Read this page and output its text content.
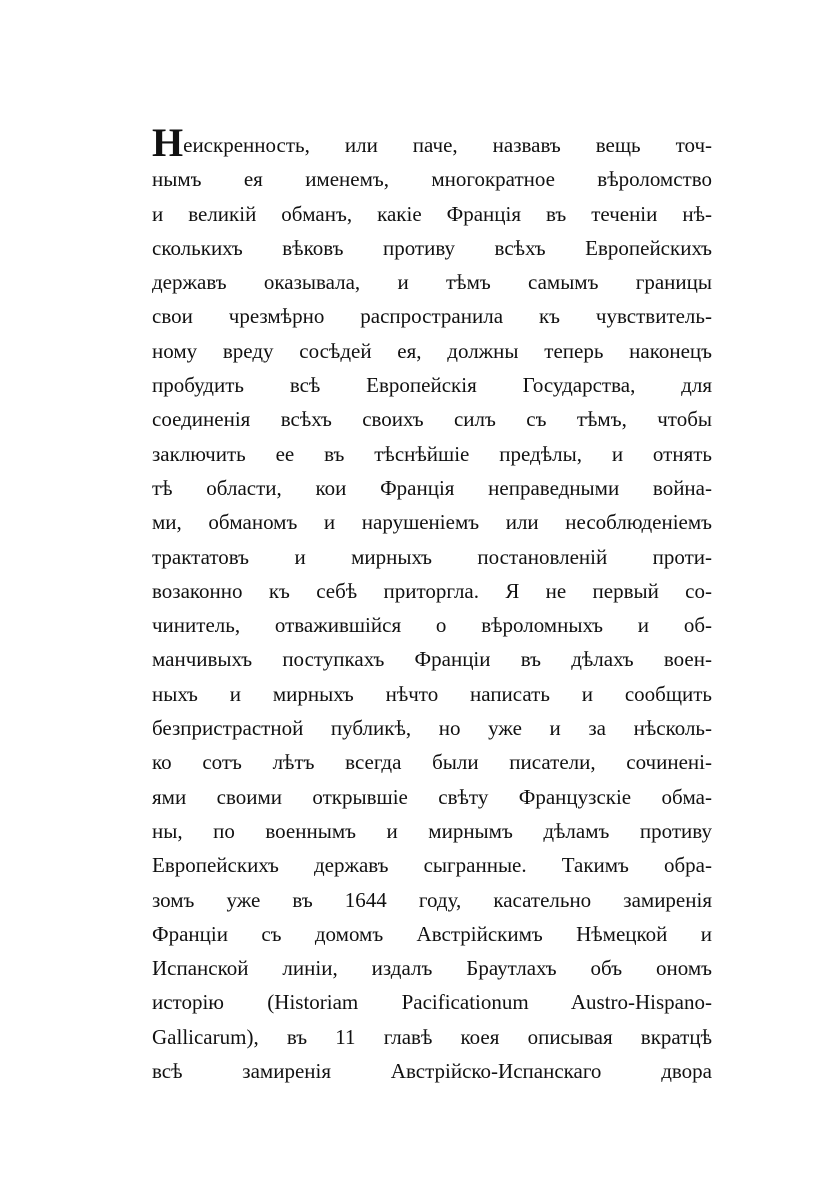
Неискренность, или паче, назвавъ вещь точ-
нымъ ея именемъ, многократное вѣроломство
и великій обманъ, какіе Франція въ теченіи нѣ-
сколькихъ вѣковъ противу всѣхъ Европейскихъ
державъ оказывала, и тѣмъ самымъ границы
свои чрезмѣрно распространила къ чувствитель-
ному вреду сосѣдей ея, должны теперь наконецъ
пробудить всѣ Европейскія Государства, для
соединенія всѣхъ своихъ силъ съ тѣмъ, чтобы
заключить ее въ тѣснѣйшіе предѣлы, и отнять
тѣ области, кои Франція неправедными война-
ми, обманомъ и нарушеніемъ или несоблюденіемъ
трактатовъ и мирныхъ постановленій проти-
возаконно къ себѣ приторгла. Я не первый со-
чинитель, отважившійся о вѣроломныхъ и об-
манчивыхъ поступкахъ Франціи въ дѣлахъ воен-
ныхъ и мирныхъ нѣчто написать и сообщить
безпристрастной публикѣ, но уже и за нѣсколь-
ко сотъ лѣтъ всегда были писатели, сочиненi-
ями своими открывшіе свѣту Французскіе обма-
ны, по военнымъ и мирнымъ дѣламъ противу
Европейскихъ державъ сыгранные. Такимъ обра-
зомъ уже въ 1644 году, касательно замиренія
Франціи съ домомъ Австрійскимъ Нѣмецкой и
Испанской линіи, издалъ Браутлахъ объ ономъ
исторію (Historiam Pacificationum Austro-Hispano-
Gallicarum), въ 11 главѣ коея описывая вкратцѣ
всѣ замиренія Австрійско-Испанскаго двора
